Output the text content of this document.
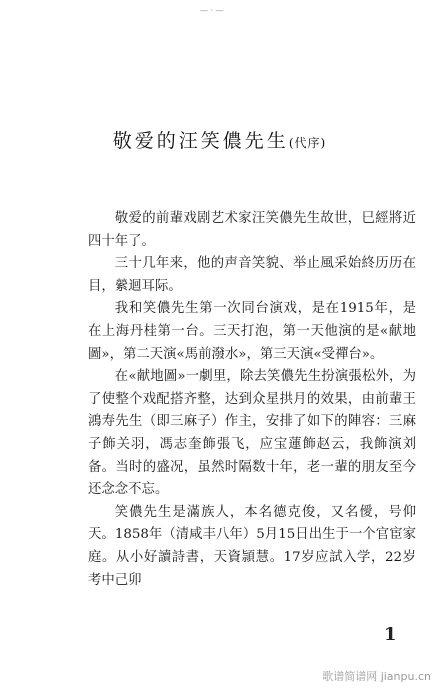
— · —
敬爱的汪笑儂先生(代序)

敬爱的前輩戏剧艺术家汪笑儂先生故世，巳經將近四十年了。

三十几年来，他的声音笑貌、举止風采始終历历在目，縈迴耳际。

我和笑儂先生第一次同台演戏，是在1915年，是在上海丹桂第一台。三天打泡，第一天他演的是«献地圖»，第二天演«馬前潑水»，第三天演«受禪台»。

在«献地圖»一劇里，除去笑儂先生扮演張松外，为了使整个戏配搭齐整，达到众星拱月的效果，由前輩王鴻寿先生（即三麻子）作主，安排了如下的陣容：三麻子飾关羽，馮志奎飾張飞，应宝蓮飾赵云，我飾演刘备。当时的盛况，虽然时隔数十年，老一輩的朋友至今还念念不忘。

笑儂先生是滿族人，本名德克俊，又名僾，号仰天。1858年（清咸丰八年）5月15日出生于一个官宦家庭。从小好讀詩書，天資頴慧。17岁应試入学，22岁考中己卯

1
歌谱简谱网 jianpu.cn
